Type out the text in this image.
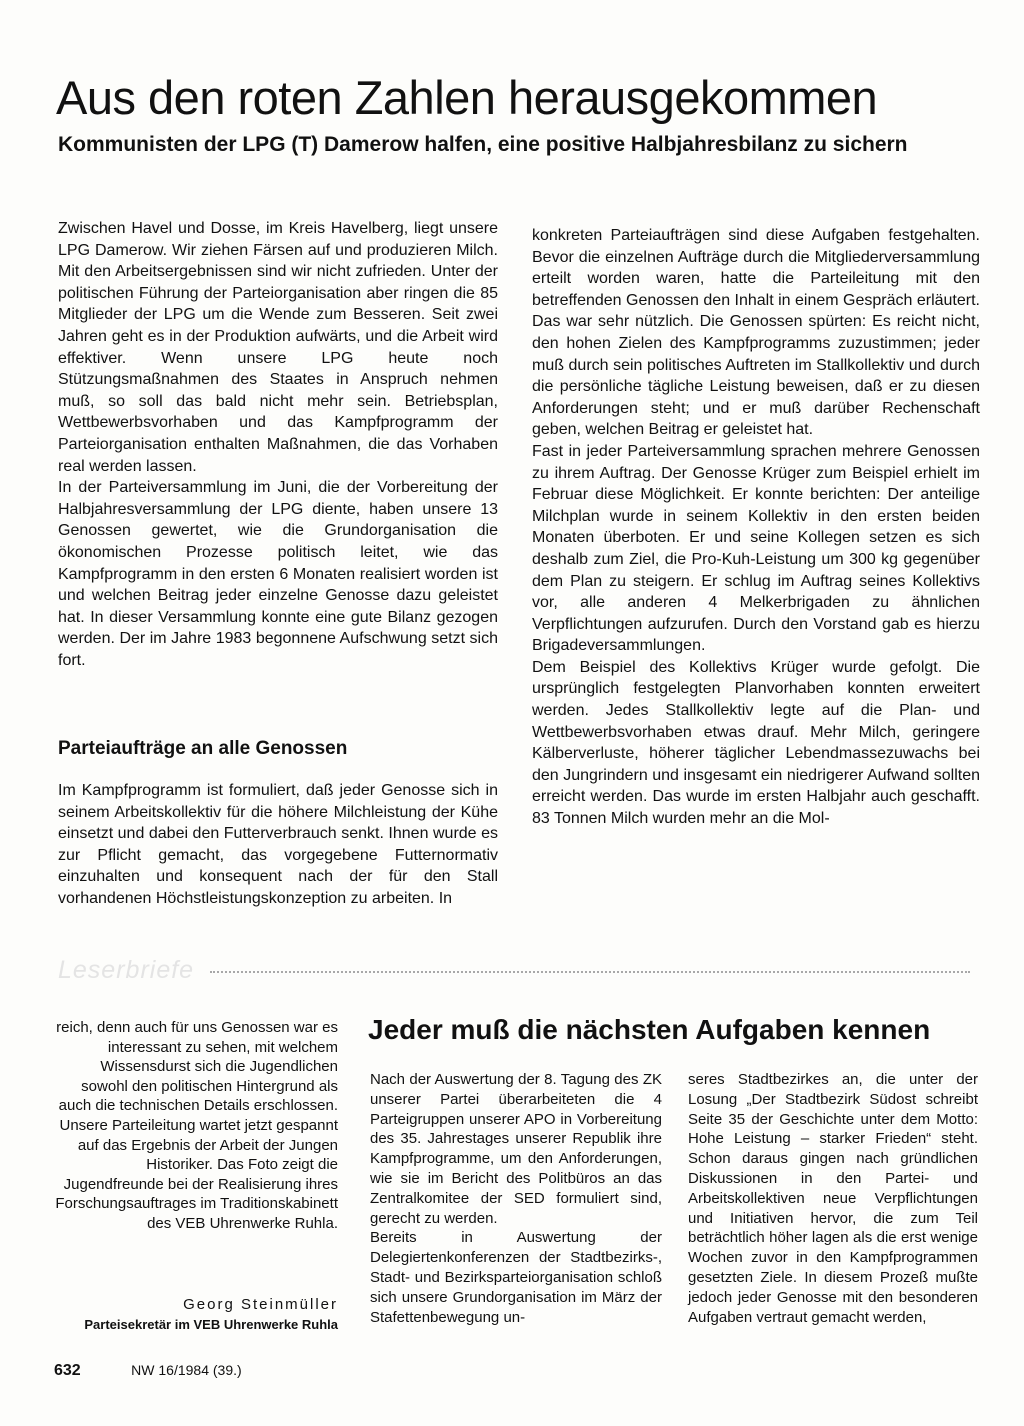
Aus den roten Zahlen herausgekommen
Kommunisten der LPG (T) Damerow halfen, eine positive Halbjahresbilanz zu sichern

Zwischen Havel und Dosse, im Kreis Havelberg, liegt unsere LPG Damerow. Wir ziehen Färsen auf und produzieren Milch. Mit den Arbeitsergebnissen sind wir nicht zufrieden. Unter der politischen Führung der Parteiorganisation aber ringen die 85 Mitglieder der LPG um die Wende zum Besseren. Seit zwei Jahren geht es in der Produktion aufwärts, und die Arbeit wird effektiver. Wenn unsere LPG heute noch Stützungsmaßnahmen des Staates in Anspruch nehmen muß, so soll das bald nicht mehr sein. Betriebsplan, Wettbewerbsvorhaben und das Kampfprogramm der Parteiorganisation enthalten Maßnahmen, die das Vorhaben real werden lassen.

In der Parteiversammlung im Juni, die der Vorbereitung der Halbjahresversammlung der LPG diente, haben unsere 13 Genossen gewertet, wie die Grundorganisation die ökonomischen Prozesse politisch leitet, wie das Kampfprogramm in den ersten 6 Monaten realisiert worden ist und welchen Beitrag jeder einzelne Genosse dazu geleistet hat. In dieser Versammlung konnte eine gute Bilanz gezogen werden. Der im Jahre 1983 begonnene Aufschwung setzt sich fort.

Parteiaufträge an alle Genossen

Im Kampfprogramm ist formuliert, daß jeder Genosse sich in seinem Arbeitskollektiv für die höhere Milchleistung der Kühe einsetzt und dabei den Futterverbrauch senkt. Ihnen wurde es zur Pflicht gemacht, das vorgegebene Futternormativ einzuhalten und konsequent nach der für den Stall vorhandenen Höchstleistungskonzeption zu arbeiten. In

konkreten Parteiaufträgen sind diese Aufgaben festgehalten. Bevor die einzelnen Aufträge durch die Mitgliederversammlung erteilt worden waren, hatte die Parteileitung mit den betreffenden Genossen den Inhalt in einem Gespräch erläutert. Das war sehr nützlich. Die Genossen spürten: Es reicht nicht, den hohen Zielen des Kampfprogramms zuzustimmen; jeder muß durch sein politisches Auftreten im Stallkollektiv und durch die persönliche tägliche Leistung beweisen, daß er zu diesen Anforderungen steht; und er muß darüber Rechenschaft geben, welchen Beitrag er geleistet hat.

Fast in jeder Parteiversammlung sprachen mehrere Genossen zu ihrem Auftrag. Der Genosse Krüger zum Beispiel erhielt im Februar diese Möglichkeit. Er konnte berichten: Der anteilige Milchplan wurde in seinem Kollektiv in den ersten beiden Monaten überboten. Er und seine Kollegen setzen es sich deshalb zum Ziel, die Pro-Kuh-Leistung um 300 kg gegenüber dem Plan zu steigern. Er schlug im Auftrag seines Kollektivs vor, alle anderen 4 Melkerbrigaden zu ähnlichen Verpflichtungen aufzurufen. Durch den Vorstand gab es hierzu Brigadeversammlungen.

Dem Beispiel des Kollektivs Krüger wurde gefolgt. Die ursprünglich festgelegten Planvorhaben konnten erweitert werden. Jedes Stallkollektiv legte auf die Plan- und Wettbewerbsvorhaben etwas drauf. Mehr Milch, geringere Kälberverluste, höherer täglicher Lebendmassezuwachs bei den Jungrindern und insgesamt ein niedrigerer Aufwand sollten erreicht werden. Das wurde im ersten Halbjahr auch geschafft. 83 Tonnen Milch wurden mehr an die Mol-

Leserbriefe

reich, denn auch für uns Genossen war es interessant zu sehen, mit welchem Wissensdurst sich die Jugendlichen sowohl den politischen Hintergrund als auch die technischen Details erschlossen. Unsere Parteileitung wartet jetzt gespannt auf das Ergebnis der Arbeit der Jungen Historiker. Das Foto zeigt die Jugendfreunde bei der Realisierung ihres Forschungsauftrages im Traditionskabinett des VEB Uhrenwerke Ruhla.

Georg Steinmüller
Parteisekretär im VEB Uhrenwerke Ruhla
Jeder muß die nächsten Aufgaben kennen

Nach der Auswertung der 8. Tagung des ZK unserer Partei überarbeiteten die 4 Parteigruppen unserer APO in Vorbereitung des 35. Jahrestages unserer Republik ihre Kampfprogramme, um den Anforderungen, wie sie im Bericht des Politbüros an das Zentralkomitee der SED formuliert sind, gerecht zu werden.

Bereits in Auswertung der Delegiertenkonferenzen der Stadtbezirks-, Stadt- und Bezirksparteiorganisation schloß sich unsere Grundorganisation im März der Stafettenbewegung un-

seres Stadtbezirkes an, die unter der Losung „Der Stadtbezirk Südost schreibt Seite 35 der Geschichte unter dem Motto: Hohe Leistung – starker Frieden“ steht. Schon daraus gingen nach gründlichen Diskussionen in den Partei- und Arbeitskollektiven neue Verpflichtungen und Initiativen hervor, die zum Teil beträchtlich höher lagen als die erst wenige Wochen zuvor in den Kampfprogrammen gesetzten Ziele. In diesem Prozeß mußte jedoch jeder Genosse mit den besonderen Aufgaben vertraut gemacht werden,

632	NW 16/1984 (39.)
